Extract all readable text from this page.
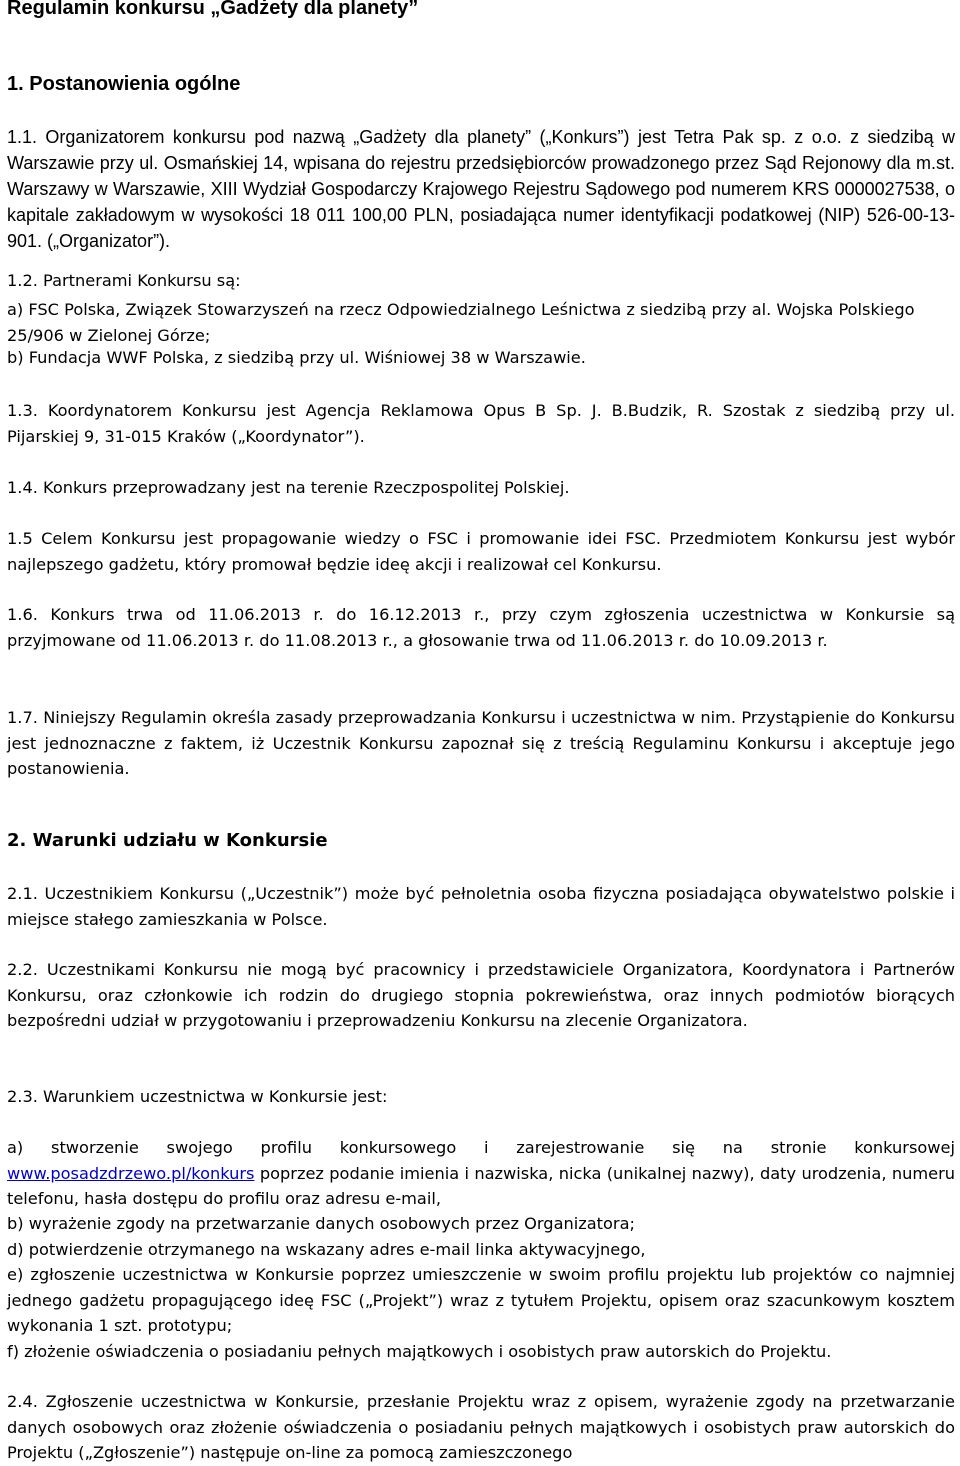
Regulamin konkursu „Gadżety dla planety”
1. Postanowienia ogólne

1.1. Organizatorem konkursu pod nazwą „Gadżety dla planety” („Konkurs”) jest Tetra Pak sp. z o.o. z siedzibą w Warszawie przy ul. Osmańskiej 14, wpisana do rejestru przedsiębiorców prowadzonego przez Sąd Rejonowy dla m.st. Warszawy w Warszawie, XIII Wydział Gospodarczy Krajowego Rejestru Sądowego pod numerem KRS 0000027538, o kapitale zakładowym w wysokości 18 011 100,00 PLN, posiadająca numer identyfikacji podatkowej (NIP) 526-00-13-901. („Organizator”).

1.2. Partnerami Konkursu są:

a) FSC Polska, Związek Stowarzyszeń na rzecz Odpowiedzialnego Leśnictwa z siedzibą przy al. Wojska Polskiego 25/906 w Zielonej Górze;

b) Fundacja WWF Polska, z siedzibą przy ul. Wiśniowej 38 w Warszawie.

1.3. Koordynatorem Konkursu jest Agencja Reklamowa Opus B Sp. J. B.Budzik, R. Szostak z siedzibą przy ul. Pijarskiej 9, 31-015 Kraków („Koordynator”).

1.4. Konkurs przeprowadzany jest na terenie Rzeczpospolitej Polskiej.

1.5 Celem Konkursu jest propagowanie wiedzy o FSC i promowanie idei FSC. Przedmiotem Konkursu jest wybór najlepszego gadżetu, który promował będzie ideę akcji i realizował cel Konkursu.

1.6. Konkurs trwa od 11.06.2013 r. do 16.12.2013 r., przy czym zgłoszenia uczestnictwa w Konkursie są przyjmowane od 11.06.2013 r. do 11.08.2013 r., a głosowanie trwa od 11.06.2013 r. do 10.09.2013 r.

1.7. Niniejszy Regulamin określa zasady przeprowadzania Konkursu i uczestnictwa w nim. Przystąpienie do Konkursu jest jednoznaczne z faktem, iż Uczestnik Konkursu zapoznał się z treścią Regulaminu Konkursu i akceptuje jego postanowienia.

2. Warunki udziału w Konkursie

2.1. Uczestnikiem Konkursu („Uczestnik”) może być pełnoletnia osoba fizyczna posiadająca obywatelstwo polskie i miejsce stałego zamieszkania w Polsce.

2.2. Uczestnikami Konkursu nie mogą być pracownicy i przedstawiciele Organizatora, Koordynatora i Partnerów Konkursu, oraz członkowie ich rodzin do drugiego stopnia pokrewieństwa, oraz innych podmiotów biorących bezpośredni udział w przygotowaniu i przeprowadzeniu Konkursu na zlecenie Organizatora.

2.3. Warunkiem uczestnictwa w Konkursie jest:

a) stworzenie swojego profilu konkursowego i zarejestrowanie się na stronie konkursowej www.posadzdrzewo.pl/konkurs poprzez podanie imienia i nazwiska, nicka (unikalnej nazwy), daty urodzenia, numeru telefonu, hasła dostępu do profilu oraz adresu e-mail,

b) wyrażenie zgody na przetwarzanie danych osobowych przez Organizatora;

d) potwierdzenie otrzymanego na wskazany adres e-mail linka aktywacyjnego,

e) zgłoszenie uczestnictwa w Konkursie poprzez umieszczenie w swoim profilu projektu lub projektów co najmniej jednego gadżetu propagującego ideę FSC („Projekt”) wraz z tytułem Projektu, opisem oraz szacunkowym kosztem wykonania 1 szt. prototypu;

f) złożenie oświadczenia o posiadaniu pełnych majątkowych i osobistych praw autorskich do Projektu.

2.4. Zgłoszenie uczestnictwa w Konkursie, przesłanie Projektu wraz z opisem, wyrażenie zgody na przetwarzanie danych osobowych oraz złożenie oświadczenia o posiadaniu pełnych majątkowych i osobistych praw autorskich do Projektu („Zgłoszenie”) następuje on-line za pomocą zamieszczonego
